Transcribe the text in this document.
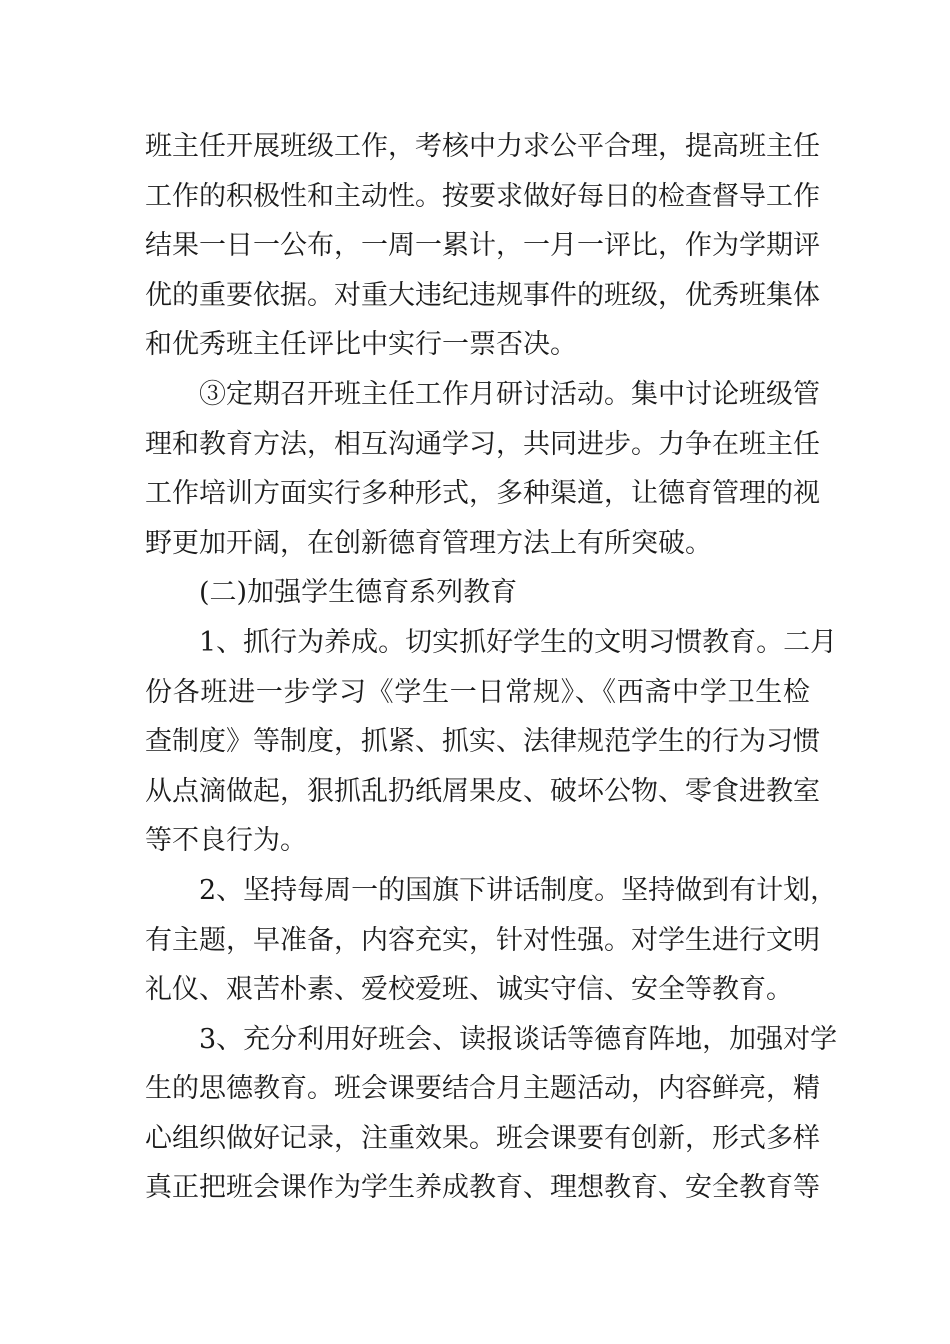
班主任开展班级工作，考核中力求公平合理，提高班主任
工作的积极性和主动性。按要求做好每日的检查督导工作
结果一日一公布，一周一累计，一月一评比，作为学期评
优的重要依据。对重大违纪违规事件的班级，优秀班集体
和优秀班主任评比中实行一票否决。
③定期召开班主任工作月研讨活动。集中讨论班级管
理和教育方法，相互沟通学习，共同进步。力争在班主任
工作培训方面实行多种形式，多种渠道，让德育管理的视
野更加开阔，在创新德育管理方法上有所突破。
(二)加强学生德育系列教育
1、抓行为养成。切实抓好学生的文明习惯教育。二月
份各班进一步学习《学生一日常规》、《西斋中学卫生检
查制度》等制度，抓紧、抓实、法律规范学生的行为习惯
从点滴做起，狠抓乱扔纸屑果皮、破坏公物、零食进教室
等不良行为。
2、坚持每周一的国旗下讲话制度。坚持做到有计划，
有主题，早准备，内容充实，针对性强。对学生进行文明
礼仪、艰苦朴素、爱校爱班、诚实守信、安全等教育。
3、充分利用好班会、读报谈话等德育阵地，加强对学
生的思德教育。班会课要结合月主题活动，内容鲜亮，精
心组织做好记录，注重效果。班会课要有创新，形式多样
真正把班会课作为学生养成教育、理想教育、安全教育等
